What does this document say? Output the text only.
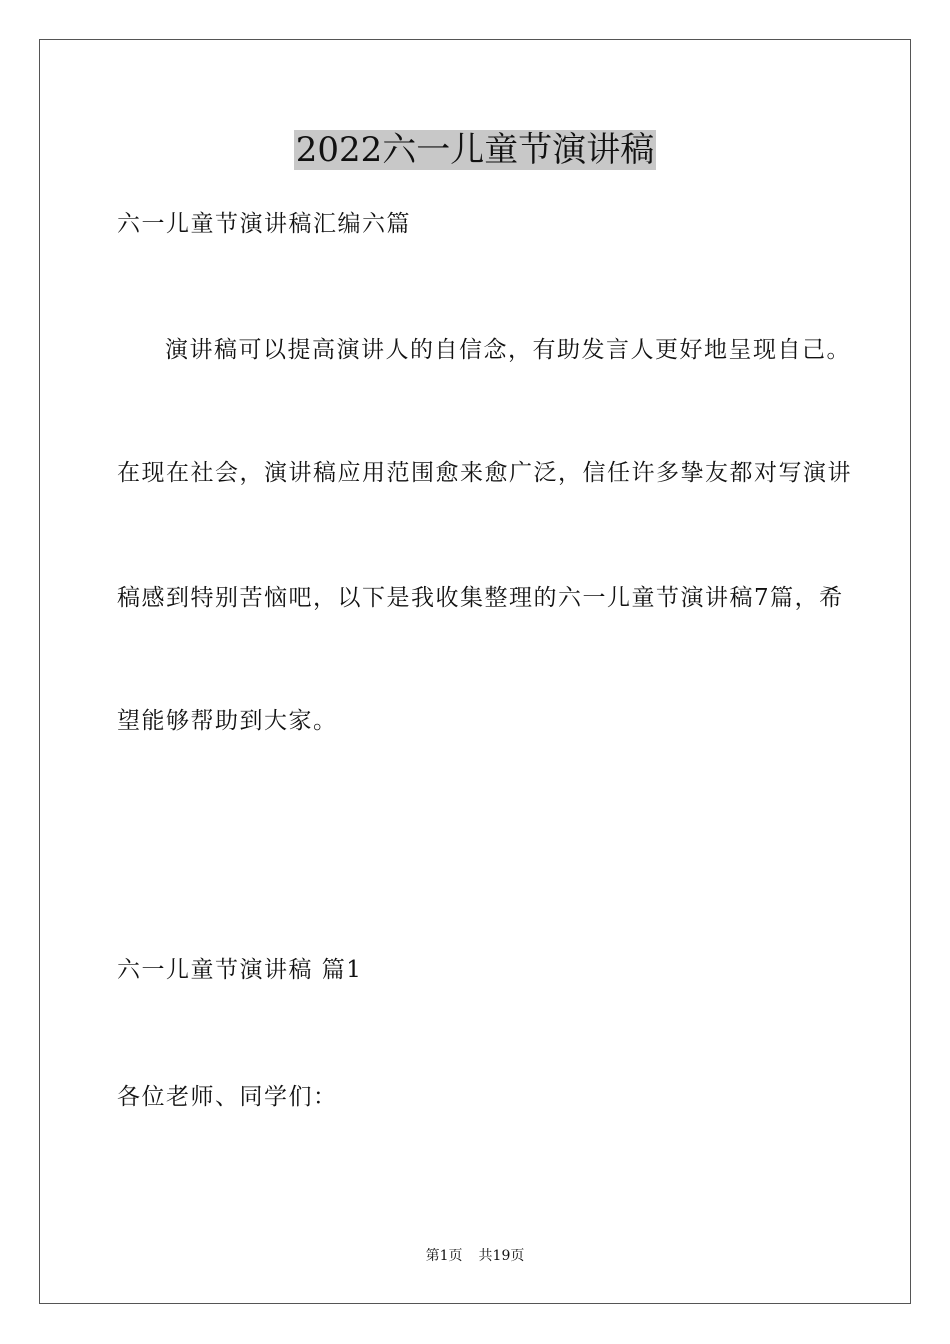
2022六一儿童节演讲稿
六一儿童节演讲稿汇编六篇
演讲稿可以提高演讲人的自信念，有助发言人更好地呈现自己。
在现在社会，演讲稿应用范围愈来愈广泛，信任许多挚友都对写演讲
稿感到特别苦恼吧，以下是我收集整理的六一儿童节演讲稿7篇，希
望能够帮助到大家。
六一儿童节演讲稿 篇1
各位老师、同学们：
第1页 共19页
